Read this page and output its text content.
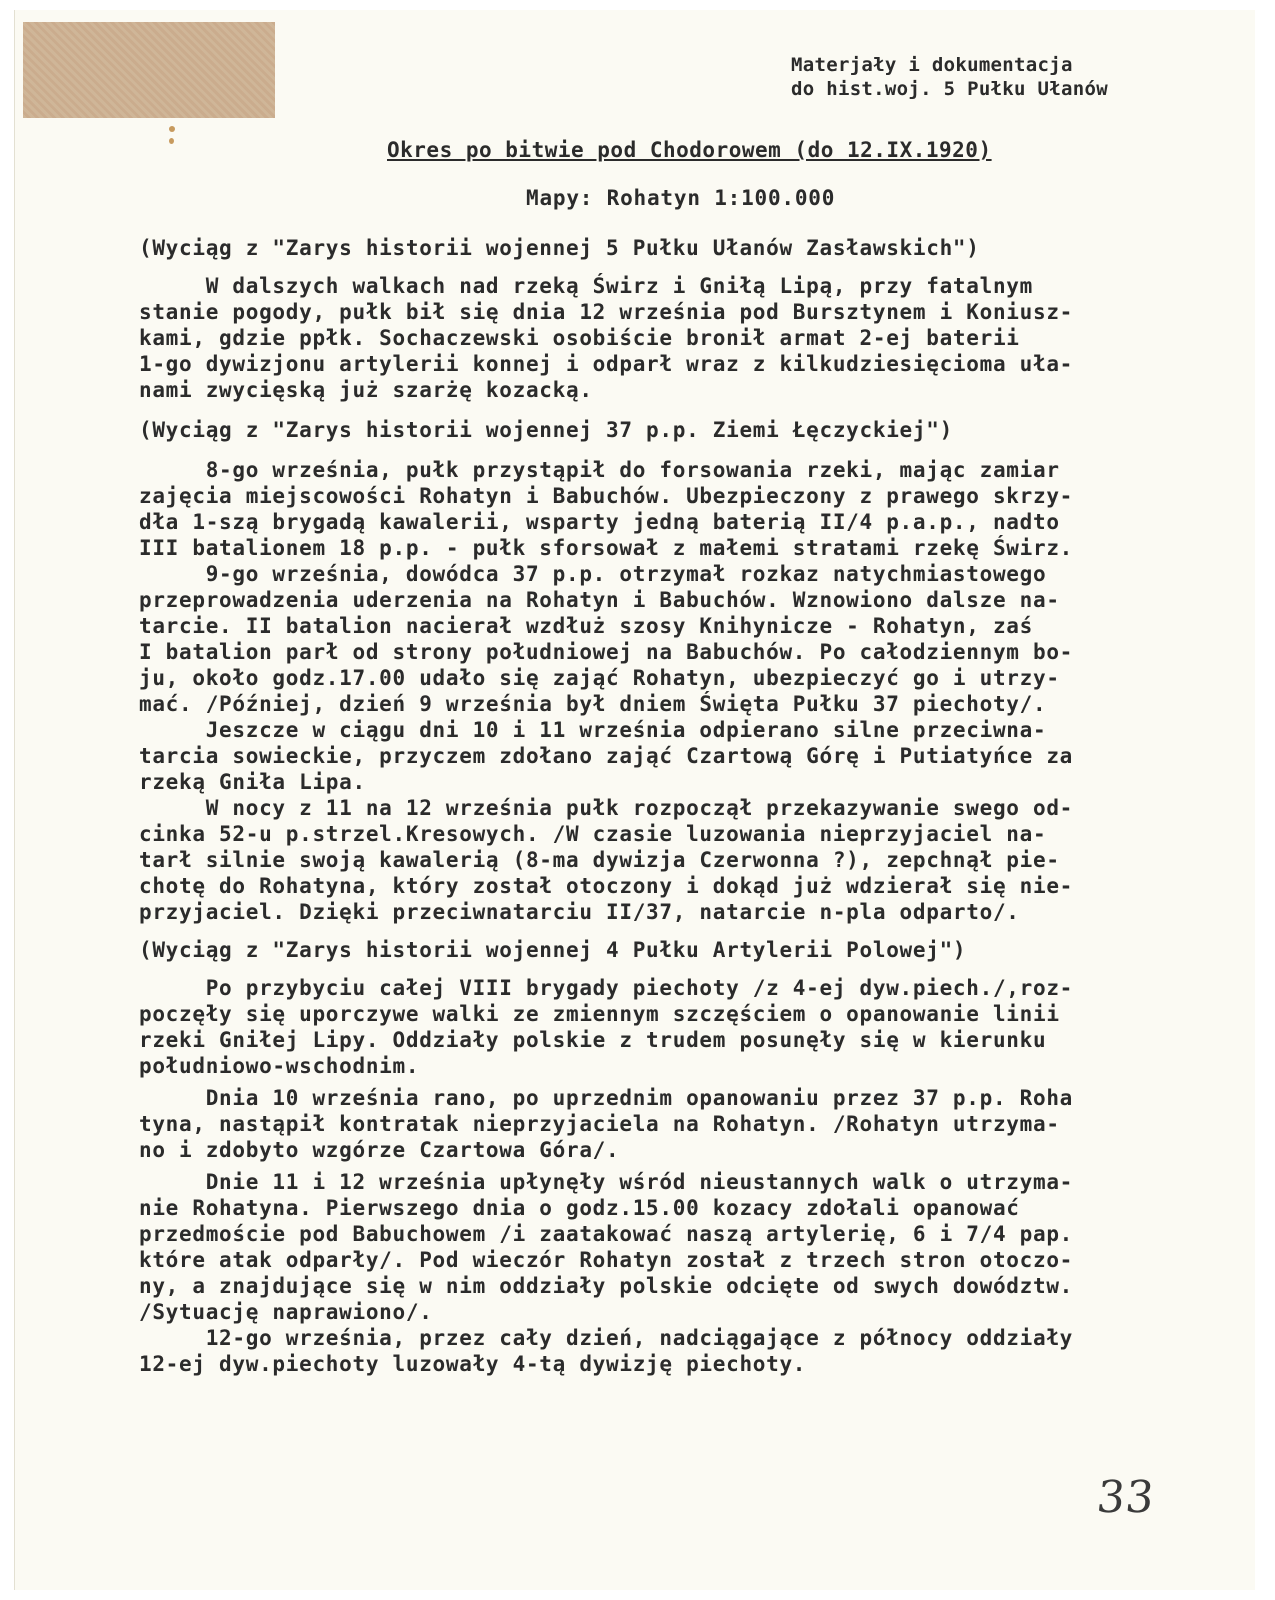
Materjały i dokumentacja
do hist.woj. 5 Pułku Ułanów
Okres po bitwie pod Chodorowem (do 12.IX.1920)
Mapy: Rohatyn 1:100.000
(Wyciąg z "Zarys historii wojennej 5 Pułku Ułanów Zasławskich")
W dalszych walkach nad rzeką Świrz i Gniłą Lipą, przy fatalnym
stanie pogody, pułk bił się dnia 12 września pod Bursztynem i Koniusz-
kami, gdzie ppłk. Sochaczewski osobiście bronił armat 2-ej baterii
1-go dywizjonu artylerii konnej i odparł wraz z kilkudziesięcioma uła-
nami zwycięską już szarżę kozacką.
(Wyciąg z "Zarys historii wojennej 37 p.p. Ziemi Łęczyckiej")
8-go września, pułk przystąpił do forsowania rzeki, mając zamiar
zajęcia miejscowości Rohatyn i Babuchów. Ubezpieczony z prawego skrzy-
dła 1-szą brygadą kawalerii, wsparty jedną baterią II/4 p.a.p., nadto
III batalionem 18 p.p. - pułk sforsował z małemi stratami rzekę Świrz.
9-go września, dowódca 37 p.p. otrzymał rozkaz natychmiastowego
przeprowadzenia uderzenia na Rohatyn i Babuchów. Wznowiono dalsze na-
tarcie. II batalion nacierał wzdłuż szosy Knihynicze - Rohatyn, zaś
I batalion parł od strony południowej na Babuchów. Po całodziennym bo-
ju, około godz.17.00 udało się zająć Rohatyn, ubezpieczyć go i utrzy-
mać. /Później, dzień 9 września był dniem Święta Pułku 37 piechoty/.
Jeszcze w ciągu dni 10 i 11 września odpierano silne przeciwna-
tarcia sowieckie, przyczem zdołano zająć Czartową Górę i Putiatyńce za
rzeką Gniła Lipa.
W nocy z 11 na 12 września pułk rozpoczął przekazywanie swego od-
cinka 52-u p.strzel.Kresowych. /W czasie luzowania nieprzyjaciel na-
tarł silnie swoją kawalerią (8-ma dywizja Czerwonna ?), zepchnął pie-
chotę do Rohatyna, który został otoczony i dokąd już wdzierał się nie-
przyjaciel. Dzięki przeciwnatarciu II/37, natarcie n-pla odparto/.
(Wyciąg z "Zarys historii wojennej 4 Pułku Artylerii Polowej")
Po przybyciu całej VIII brygady piechoty /z 4-ej dyw.piech./,roz-
poczęły się uporczywe walki ze zmiennym szczęściem o opanowanie linii
rzeki Gniłej Lipy. Oddziały polskie z trudem posunęły się w kierunku
południowo-wschodnim.
Dnia 10 września rano, po uprzednim opanowaniu przez 37 p.p. Roha
tyna, nastąpił kontratak nieprzyjaciela na Rohatyn. /Rohatyn utrzyma-
no i zdobyto wzgórze Czartowa Góra/.
Dnie 11 i 12 września upłynęły wśród nieustannych walk o utrzyma-
nie Rohatyna. Pierwszego dnia o godz.15.00 kozacy zdołali opanować
przedmoście pod Babuchowem /i zaatakować naszą artylerię, 6 i 7/4 pap.
które atak odparły/. Pod wieczór Rohatyn został z trzech stron otoczo-
ny, a znajdujące się w nim oddziały polskie odcięte od swych dowództw.
/Sytuację naprawiono/.
12-go września, przez cały dzień, nadciągające z północy oddziały
12-ej dyw.piechoty luzowały 4-tą dywizję piechoty.
33
